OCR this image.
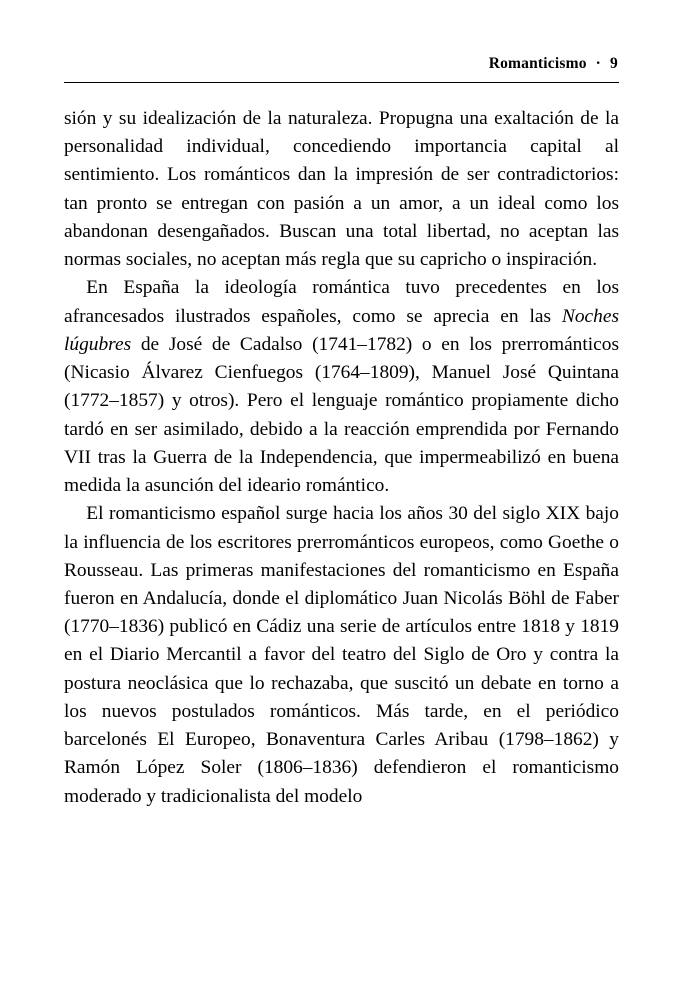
Romanticismo · 9

sión y su idealización de la naturaleza. Propugna una exaltación de la personalidad individual, concediendo importancia capital al sentimiento. Los románticos dan la impresión de ser contradictorios: tan pronto se entregan con pasión a un amor, a un ideal como los abandonan desengañados. Buscan una total libertad, no aceptan las normas sociales, no aceptan más regla que su capricho o inspiración.

En España la ideología romántica tuvo precedentes en los afrancesados ilustrados españoles, como se aprecia en las Noches lúgubres de José de Cadalso (1741–1782) o en los prerrománticos (Nicasio Álvarez Cienfuegos (1764–1809), Manuel José Quintana (1772–1857) y otros). Pero el lenguaje romántico propiamente dicho tardó en ser asimilado, debido a la reacción emprendida por Fernando VII tras la Guerra de la Independencia, que impermeabilizó en buena medida la asunción del ideario romántico.

El romanticismo español surge hacia los años 30 del siglo XIX bajo la influencia de los escritores prerrománticos europeos, como Goethe o Rousseau. Las primeras manifestaciones del romanticismo en España fueron en Andalucía, donde el diplomático Juan Nicolás Böhl de Faber (1770–1836) publicó en Cádiz una serie de artículos entre 1818 y 1819 en el Diario Mercantil a favor del teatro del Siglo de Oro y contra la postura neoclásica que lo rechazaba, que suscitó un debate en torno a los nuevos postulados románticos. Más tarde, en el periódico barcelonés El Europeo, Bonaventura Carles Aribau (1798–1862) y Ramón López Soler (1806–1836) defendieron el romanticismo moderado y tradicionalista del modelo
